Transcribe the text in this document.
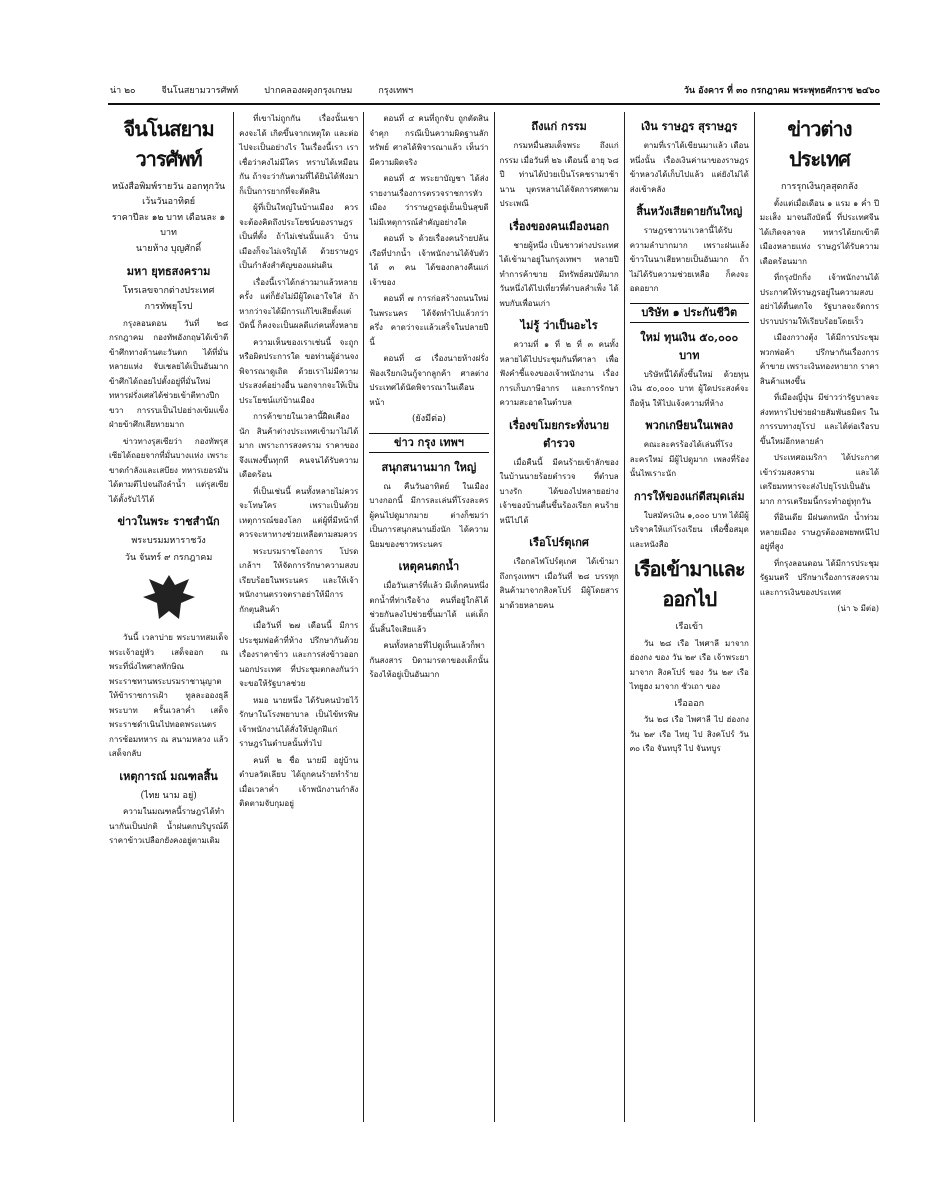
น่า ๒๐	จีนโนสยามวารศัพท์	ปากคลองผดุงกรุงเกษม	กรุงเทพฯ	วัน อังคาร ที่ ๓๐ กรกฎาคม พระพุทธศักราช ๒๔๖๐
จีนโนสยามวารศัพท์
หนังสือพิมพ์รายวัน ออกทุกวัน เว้นวันอาทิตย์
ราคาปีละ ๑๒ บาท เดือนละ ๑ บาท
นายห้าง บุญศักดิ์
มหา ยุทธสงคราม
โทรเลขจากต่างประเทศ
การทัพยุโรป
กรุงลอนดอน วันที่ ๒๘ กรกฎาคม กองทัพอังกฤษได้เข้าตีข้าศึกทางด้านตะวันตก ได้ที่มั่นหลายแห่ง จับเชลยได้เป็นอันมาก ข้าศึกได้ถอยไปตั้งอยู่ที่มั่นใหม่ ทหารฝรั่งเศสได้ช่วยเข้าตีทางปีกขวา การรบเป็นไปอย่างเข้มแข็ง ฝ่ายข้าศึกเสียหายมาก
ข่าวทางรุสเซียว่า กองทัพรุสเซียได้ถอยจากที่มั่นบางแห่ง เพราะขาดกำลังและเสบียง ทหารเยอรมันได้ตามตีไปจนถึงลำน้ำ แต่รุสเซียได้ตั้งรับไว้ได้
ข่าวในพระ ราชสำนัก
พระบรมมหาราชวัง
วัน จันทร์ ๙ กรกฎาคม
วันนี้ เวลาบ่าย พระบาทสมเด็จพระเจ้าอยู่หัว เสด็จออก ณ พระที่นั่งไพศาลทักษิณ พระราชทานพระบรมราชานุญาต ให้ข้าราชการเฝ้า ทูลละอองธุลีพระบาท ครั้นเวลาค่ำ เสด็จพระราชดำเนินไปทอดพระเนตรการซ้อมทหาร ณ สนามหลวง แล้วเสด็จกลับ
เหตุการณ์ มณฑลสิ้น
(ไทย นาม อยู่)
ความในมณฑลนี้ราษฎรได้ทำนากันเป็นปกติ น้ำฝนตกบริบูรณ์ดี ราคาข้าวเปลือกยังคงอยู่ตามเดิม
ที่เขาไม่ถูกกัน เรื่องนั้นเขาคงจะได้ เกิดขึ้นจากเหตุใด และต่อไปจะเป็นอย่างไร ในเรื่องนี้เรา เราเชื่อว่าคงไม่มีใคร ทราบได้เหมือนกัน ถ้าจะว่ากันตามที่ได้ยินได้ฟังมา ก็เป็นการยากที่จะตัดสิน
ผู้ที่เป็นใหญ่ในบ้านเมือง ควรจะต้องคิดถึงประโยชน์ของราษฎรเป็นที่ตั้ง ถ้าไม่เช่นนั้นแล้ว บ้านเมืองก็จะไม่เจริญได้ ด้วยราษฎรเป็นกำลังสำคัญของแผ่นดิน
เรื่องนี้เราได้กล่าวมาแล้วหลายครั้ง แต่ก็ยังไม่มีผู้ใดเอาใจใส่ ถ้าหากว่าจะได้มีการแก้ไขเสียตั้งแต่บัดนี้ ก็คงจะเป็นผลดีแก่คนทั้งหลาย
ความเห็นของเราเช่นนี้ จะถูกหรือผิดประการใด ขอท่านผู้อ่านจงพิจารณาดูเถิด ด้วยเราไม่มีความประสงค์อย่างอื่น นอกจากจะให้เป็นประโยชน์แก่บ้านเมือง
การค้าขายในเวลานี้ฝืดเคืองนัก สินค้าต่างประเทศเข้ามาไม่ได้มาก เพราะการสงคราม ราคาของจึงแพงขึ้นทุกที คนจนได้รับความเดือดร้อน
ที่เป็นเช่นนี้ คนทั้งหลายไม่ควรจะโทษใคร เพราะเป็นด้วยเหตุการณ์ของโลก แต่ผู้ที่มีหน้าที่ควรจะหาทางช่วยเหลือตามสมควร
พระบรมราชโองการ โปรดเกล้าฯ ให้จัดการรักษาความสงบเรียบร้อยในพระนคร และให้เจ้าพนักงานตรวจตราอย่าให้มีการกักตุนสินค้า
เมื่อวันที่ ๒๗ เดือนนี้ มีการประชุมพ่อค้าที่ห้าง ปรึกษากันด้วยเรื่องราคาข้าว และการส่งข้าวออกนอกประเทศ ที่ประชุมตกลงกันว่าจะขอให้รัฐบาลช่วย
หมอ นายหนึ่ง ได้รับคนป่วยไว้รักษาในโรงพยาบาล เป็นไข้ทรพิษ เจ้าพนักงานได้สั่งให้ปลูกฝีแก่ราษฎรในตำบลนั้นทั่วไป
คนที่ ๒ ชื่อ นายมี อยู่บ้านตำบลวัดเลียบ ได้ถูกคนร้ายทำร้ายเมื่อเวลาค่ำ เจ้าพนักงานกำลังติดตามจับกุมอยู่
ตอนที่ ๔ คนที่ถูกจับ ถูกตัดสินจำคุก กรณีเป็นความผิดฐานลักทรัพย์ ศาลได้พิจารณาแล้ว เห็นว่ามีความผิดจริง
ตอนที่ ๕ พระยาบัญชา ได้ส่งรายงานเรื่องการตรวจราชการหัวเมือง ว่าราษฎรอยู่เย็นเป็นสุขดี ไม่มีเหตุการณ์สำคัญอย่างใด
ตอนที่ ๖ ด้วยเรื่องคนร้ายปล้นเรือที่ปากน้ำ เจ้าพนักงานได้จับตัวได้ ๓ คน ได้ของกลางคืนแก่เจ้าของ
ตอนที่ ๗ การก่อสร้างถนนใหม่ในพระนคร ได้จัดทำไปแล้วกว่าครึ่ง คาดว่าจะแล้วเสร็จในปลายปีนี้
ตอนที่ ๘ เรื่องนายห้างฝรั่ง ฟ้องเรียกเงินกู้จากลูกค้า ศาลต่างประเทศได้นัดพิจารณาในเดือนหน้า
(ยังมีต่อ)
ข่าว กรุง เทพฯ
สนุกสนานมาก ใหญ่
ณ คืนวันอาทิตย์ ในเมืองบางกอกนี้ มีการละเล่นที่โรงละคร ผู้คนไปดูมากมาย ต่างก็ชมว่าเป็นการสนุกสนานยิ่งนัก ได้ความนิยมของชาวพระนคร
เหตุคนตกน้ำ
เมื่อวันเสาร์ที่แล้ว มีเด็กคนหนึ่งตกน้ำที่ท่าเรือจ้าง คนที่อยู่ใกล้ได้ช่วยกันลงไปช่วยขึ้นมาได้ แต่เด็กนั้นสิ้นใจเสียแล้ว
คนทั้งหลายที่ไปดูเห็นแล้วก็พากันสงสาร บิดามารดาของเด็กนั้นร้องไห้อยู่เป็นอันมาก
ถึงแก่ กรรม
กรมหมื่นสมเด็จพระ ถึงแก่กรรม เมื่อวันที่ ๒๖ เดือนนี้ อายุ ๖๘ ปี ท่านได้ป่วยเป็นโรคชรามาช้านาน บุตรหลานได้จัดการศพตามประเพณี
เรื่องของคนเมืองนอก
ชายผู้หนึ่ง เป็นชาวต่างประเทศ ได้เข้ามาอยู่ในกรุงเทพฯ หลายปี ทำการค้าขาย มีทรัพย์สมบัติมาก วันหนึ่งได้ไปเที่ยวที่ตำบลสำเพ็ง ได้พบกับเพื่อนเก่า
ไม่รู้ ว่าเป็นอะไร
ความที่ ๑ ที่ ๒ ที่ ๓ คนทั้งหลายได้ไปประชุมกันที่ศาลา เพื่อฟังคำชี้แจงของเจ้าพนักงาน เรื่องการเก็บภาษีอากร และการรักษาความสะอาดในตำบล
เรื่องขโมยกระทั่งนายตำรวจ
เมื่อคืนนี้ มีคนร้ายเข้าลักของในบ้านนายร้อยตำรวจ ที่ตำบลบางรัก ได้ของไปหลายอย่าง เจ้าของบ้านตื่นขึ้นร้องเรียก คนร้ายหนีไปได้
เรือโปร์ตุเกศ
เรือกลไฟโปร์ตุเกศ ได้เข้ามาถึงกรุงเทพฯ เมื่อวันที่ ๒๘ บรรทุกสินค้ามาจากสิงคโปร์ มีผู้โดยสารมาด้วยหลายคน
เงิน ราษฎร สุราษฎร
ตามที่เราได้เขียนมาแล้ว เดือนหนึ่งนั้น เรื่องเงินค่านาของราษฎร ข้าหลวงได้เก็บไปแล้ว แต่ยังไม่ได้ส่งเข้าคลัง
สิ้นหวังเสียดายกันใหญ่
ราษฎรชาวนาเวลานี้ได้รับความลำบากมาก เพราะฝนแล้ง ข้าวในนาเสียหายเป็นอันมาก ถ้าไม่ได้รับความช่วยเหลือ ก็คงจะอดอยาก
บริษัท ๑ ประกันชีวิต
ใหม่ ทุนเงิน ๕๐,๐๐๐ บาท
บริษัทนี้ได้ตั้งขึ้นใหม่ ด้วยทุนเงิน ๕๐,๐๐๐ บาท ผู้ใดประสงค์จะถือหุ้น ให้ไปแจ้งความที่ห้าง
พวกเกษียนในเพลง
คณะละครร้องได้เล่นที่โรงละครใหม่ มีผู้ไปดูมาก เพลงที่ร้องนั้นไพเราะนัก
การให้ของแก่ดีสมุดเล่ม
ใบสมัครเงิน ๑,๐๐๐ บาท ได้มีผู้บริจาคให้แก่โรงเรียน เพื่อซื้อสมุดและหนังสือ
เรือเข้ามาและออกไป
เรือเข้า
วัน ๒๘ เรือ ไพศาลี มาจาก ฮ่องกง ของ วัน ๒๙ เรือ เจ้าพระยา มาจาก สิงคโปร์ ของ วัน ๒๙ เรือ ไทยูฮง มาจาก ซัวเถา ของ
เรือออก
วัน ๒๘ เรือ ไพศาลี ไป ฮ่องกง วัน ๒๙ เรือ ไทยุ ไป สิงคโปร์ วัน ๓๐ เรือ จันทบุรี ไป จันทบูร
ข่าวต่างประเทศ
การรุกเงินกุลสุดกลัง
ตั้งแต่เมื่อเดือน ๑ แรม ๑ ค่ำ ปีมะเส็ง มาจนถึงบัดนี้ ที่ประเทศจีนได้เกิดจลาจล ทหารได้ยกเข้าตีเมืองหลายแห่ง ราษฎรได้รับความเดือดร้อนมาก
ที่กรุงปักกิ่ง เจ้าพนักงานได้ประกาศให้ราษฎรอยู่ในความสงบ อย่าได้ตื่นตกใจ รัฐบาลจะจัดการปราบปรามให้เรียบร้อยโดยเร็ว
เมืองกวางตุ้ง ได้มีการประชุมพวกพ่อค้า ปรึกษากันเรื่องการค้าขาย เพราะเงินทองหายาก ราคาสินค้าแพงขึ้น
ที่เมืองญี่ปุ่น มีข่าวว่ารัฐบาลจะส่งทหารไปช่วยฝ่ายสัมพันธมิตร ในการรบทางยุโรป และได้ต่อเรือรบขึ้นใหม่อีกหลายลำ
ประเทศอเมริกา ได้ประกาศเข้าร่วมสงคราม และได้เตรียมทหารจะส่งไปยุโรปเป็นอันมาก การเตรียมนี้กระทำอยู่ทุกวัน
ที่อินเดีย มีฝนตกหนัก น้ำท่วมหลายเมือง ราษฎรต้องอพยพหนีไปอยู่ที่สูง
ที่กรุงลอนดอน ได้มีการประชุมรัฐมนตรี ปรึกษาเรื่องการสงคราม และการเงินของประเทศ
(น่า ๖ มีต่อ)
